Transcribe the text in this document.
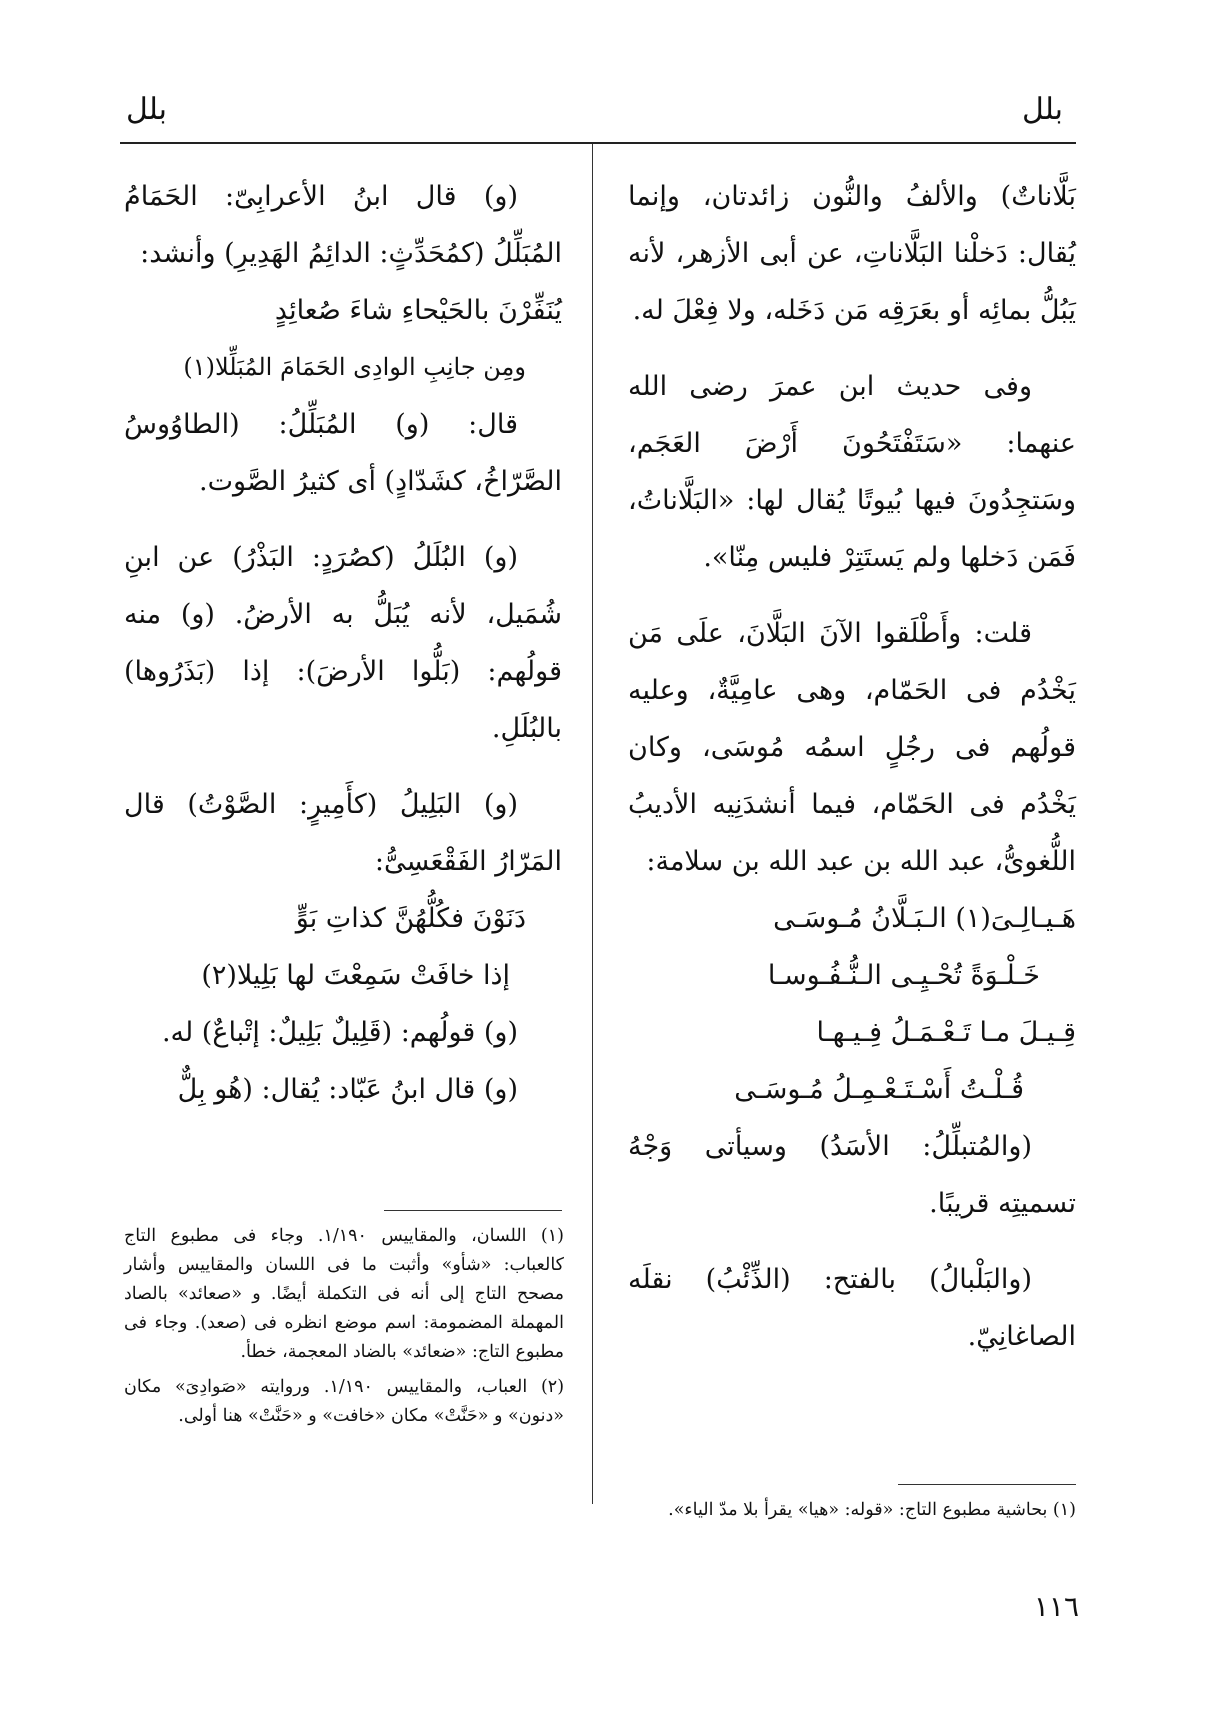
بلل
بلل

بَلَّاناتٌ) والألفُ والنُّون زائدتان، وإنما يُقال: دَخلْنا البَلَّاناتِ، عن أبى الأزهر، لأنه يَبُلُّ بمائِه أو بعَرَقِه مَن دَخَله، ولا فِعْلَ له.

وفى حديث ابن عمرَ رضى الله عنهما: «سَتَفْتَحُونَ أَرْضَ العَجَم، وسَتجِدُونَ فيها بُيوتًا يُقال لها: «البَلَّاناتُ، فَمَن دَخلها ولم يَستَتِرْ فليس مِنّا».

قلت: وأَطْلَقوا الآنَ البَلَّانَ، علَى مَن يَخْدُم فى الحَمّام، وهى عامِيَّةٌ، وعليه قولُهم فى رجُلٍ اسمُه مُوسَى، وكان يَخْدُم فى الحَمّام، فيما أنشدَنِيه الأديبُ اللُّغوىُّ، عبد الله بن عبد الله بن سلامة:

هَـيـالِـىَ(١) الـبَـلَّانُ مُـوسَـى

خَـلْـوَةً تُحْـيِـى الـنُّـفُـوسـا

قِـيـلَ مـا تَـعْـمَـلُ فِـيـهـا

قُـلْـتُ أَسْـتَـعْـمِـلُ مُـوسَـى

(والمُتبلِّلُ: الأسَدُ) وسيأتى وَجْهُ تسميتِه قريبًا.

(والبَلْبالُ) بالفتح: (الذِّئْبُ) نقلَه الصاغانِيّ.

(و) قال ابنُ الأعرابِىّ: الحَمَامُ المُبَلِّلُ (كمُحَدِّثٍ: الدائِمُ الهَدِيرِ) وأنشد:

يُنَفِّرْنَ بالحَيْحاءِ شاءَ صُعائِدٍ

ومِن جانِبِ الوادِى الحَمَامَ المُبَلِّلا(١)

قال: (و) المُبَلِّلُ: (الطاوُوسُ الصَّرّاخُ، كشَدّادٍ) أى كثيرُ الصَّوت.

(و) البُلَلُ (كصُرَدٍ: البَذْرُ) عن ابنِ شُمَيل، لأنه يُبَلُّ به الأرضُ. (و) منه قولُهم: (بَلُّوا الأرضَ): إذا (بَذَرُوها) بالبُلَلِ.

(و) البَلِيلُ (كأَمِيرٍ: الصَّوْتُ) قال المَرّارُ الفَقْعَسِىُّ:

دَنَوْنَ فكُلُّهُنَّ كذاتِ بَوٍّ

إذا خافَتْ سَمِعْتَ لها بَلِيلا(٢)

(و) قولُهم: (قَلِيلٌ بَلِيلٌ: إتْباعٌ) له.

(و) قال ابنُ عَبّاد: يُقال: (هُو بِلٌّ

(١) اللسان، والمقاييس ١/١٩٠. وجاء فى مطبوع التاج كالعباب: «شأو» وأثبت ما فى اللسان والمقاييس وأشار مصحح التاج إلى أنه فى التكملة أيضًا. و «صعائد» بالصاد المهملة المضمومة: اسم موضع انظره فى (صعد). وجاء فى مطبوع التاج: «ضعائد» بالضاد المعجمة، خطأ.

(٢) العباب، والمقاييس ١/١٩٠. وروايته «صَوادِىَ» مكان «دنون» و «حَنَّتْ» مكان «خافت» و «حَنَّتْ» هنا أولى.

(١) بحاشية مطبوع التاج: «قوله: «هيا» يقرأ بلا مدّ الياء».

١١٦
